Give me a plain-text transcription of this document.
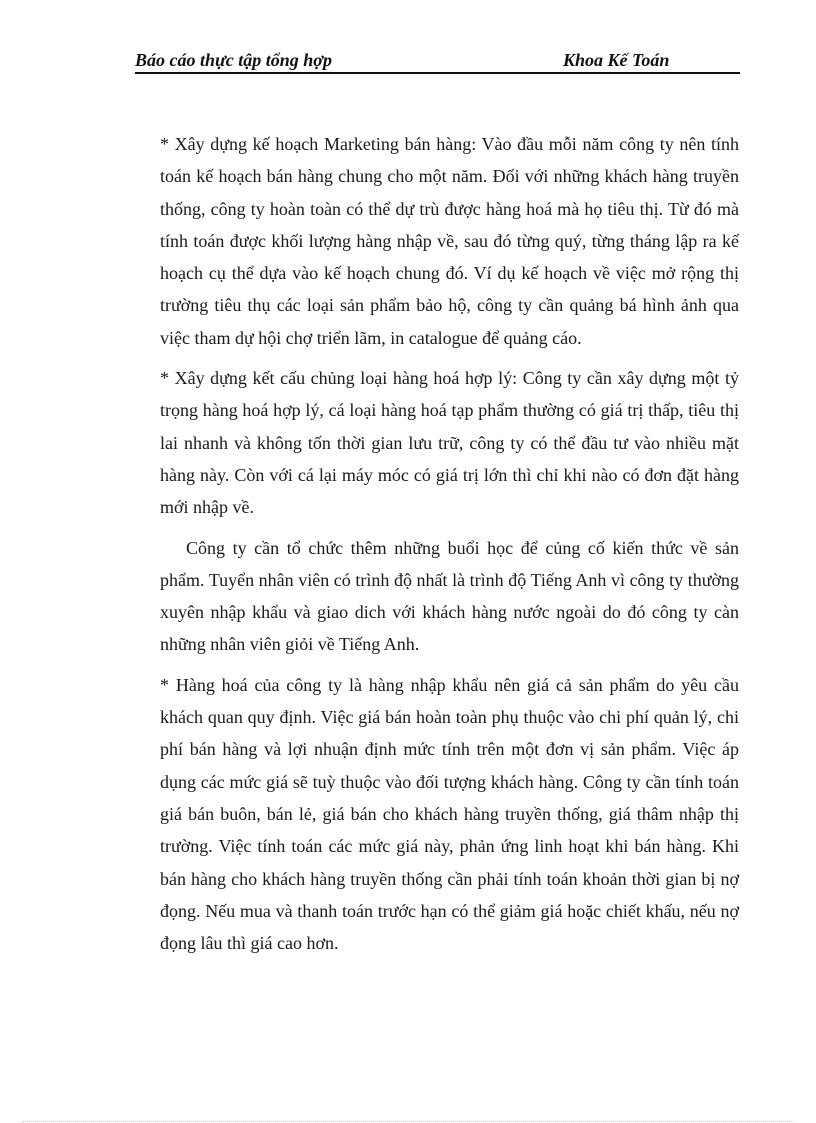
Báo cáo thực tập tổng hợp	Khoa Kế Toán

* Xây dựng kế hoạch Marketing bán hàng: Vào đầu mỗi năm công ty nên tính toán kế hoạch bán hàng chung cho một năm. Đối với những khách hàng truyền thống, công ty hoàn toàn có thể dự trù được hàng hoá mà họ tiêu thị. Từ đó mà tính toán được khối lượng hàng nhập về, sau đó từng quý, từng tháng lập ra kế hoạch cụ thể dựa vào kế hoạch chung đó. Ví dụ kế hoạch về việc mở rộng thị trường tiêu thụ các loại sản phẩm bảo hộ, công ty cần quảng bá hình ảnh qua việc tham dự hội chợ triển lãm, in catalogue để quảng cáo.

* Xây dựng kết cấu chủng loại hàng hoá hợp lý: Công ty cần xây dựng một tỷ trọng hàng hoá hợp lý, cá loại hàng hoá tạp phẩm thường có giá trị thấp, tiêu thị lai nhanh và không tốn thời gian lưu trữ, công ty có thể đầu tư vào nhiều mặt hàng này. Còn với cá lại máy móc có giá trị lớn thì chỉ khi nào có đơn đặt hàng mới nhập về.

Công ty cần tổ chức thêm những buổi học để củng cố kiến thức về sản phẩm. Tuyển nhân viên có trình độ nhất là trình độ Tiếng Anh vì công ty thường xuyên nhập khẩu và giao dich với khách hàng nước ngoài do đó công ty càn những nhân viên giỏi về Tiếng Anh.

* Hàng hoá của công ty là hàng nhập khẩu nên giá cả sản phẩm do yêu cầu khách quan quy định. Việc giá bán hoàn toàn phụ thuộc vào chi phí quản lý, chi phí bán hàng và lợi nhuận định mức tính trên một đơn vị sản phẩm. Việc áp dụng các mức giá sẽ tuỳ thuộc vào đối tượng khách hàng. Công ty cần tính toán giá bán buôn, bán lẻ, giá bán cho khách hàng truyền thống, giá thâm nhập thị trường. Việc tính toán các mức giá này, phản ứng linh hoạt khi bán hàng. Khi bán hàng cho khách hàng truyền thống cần phải tính toán khoản thời gian bị nợ đọng. Nếu mua và thanh toán trước hạn có thể giảm giá hoặc chiết khấu, nếu nợ đọng lâu thì giá cao hơn.
